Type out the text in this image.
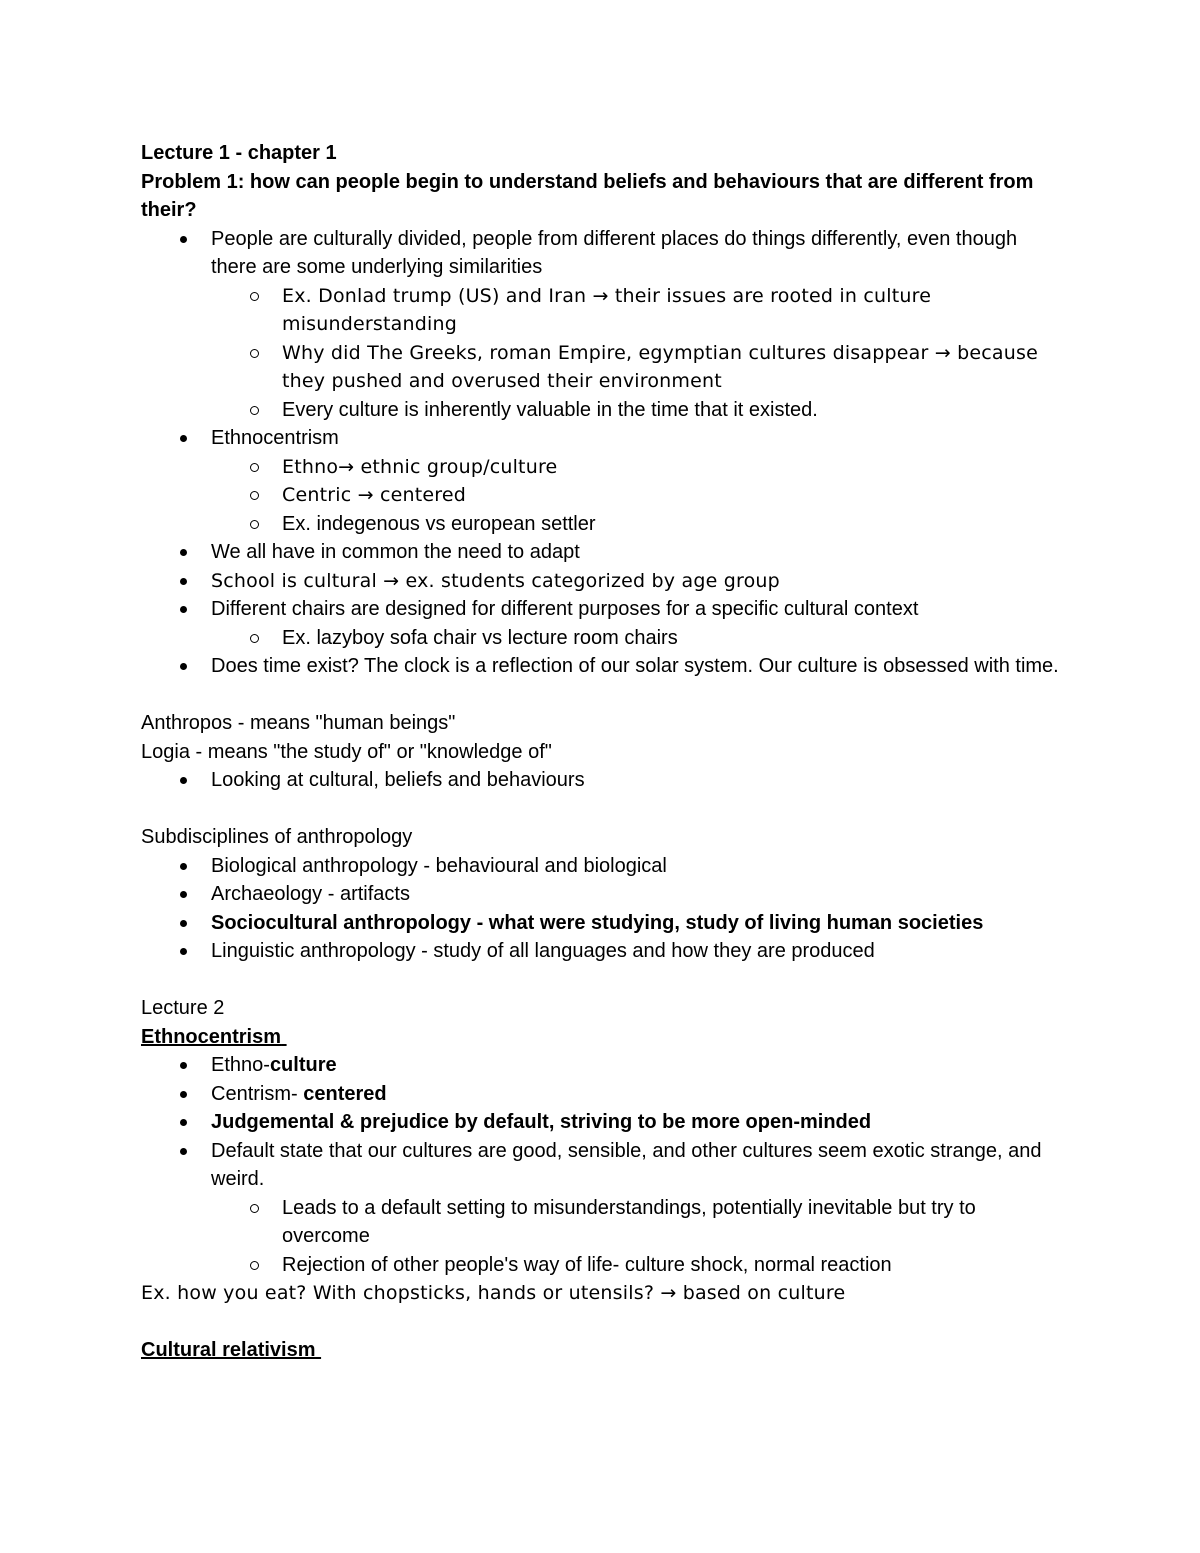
Lecture 1 - chapter 1

Problem 1: how can people begin to understand beliefs and behaviours that are different from their?

People are culturally divided, people from different places do things differently, even though there are some underlying similarities
Ex. Donlad trump (US) and Iran → their issues are rooted in culture misunderstanding
Why did The Greeks, roman Empire, egymptian cultures disappear → because they pushed and overused their environment
Every culture is inherently valuable in the time that it existed.
Ethnocentrism
Ethno→ ethnic group/culture
Centric → centered
Ex. indegenous vs european settler
We all have in common the need to adapt
School is cultural → ex. students categorized by age group
Different chairs are designed for different purposes for a specific cultural context
Ex. lazyboy sofa chair vs lecture room chairs
Does time exist? The clock is a reflection of our solar system. Our culture is obsessed with time.

Anthropos - means "human beings"

Logia - means "the study of" or "knowledge of"

Looking at cultural, beliefs and behaviours

Subdisciplines of anthropology

Biological anthropology - behavioural and biological
Archaeology - artifacts
Sociocultural anthropology - what were studying, study of living human societies
Linguistic anthropology - study of all languages and how they are produced

Lecture 2

Ethnocentrism

Ethno-culture
Centrism- centered
Judgemental & prejudice by default, striving to be more open-minded
Default state that our cultures are good, sensible, and other cultures seem exotic strange, and weird.
Leads to a default setting to misunderstandings, potentially inevitable but try to overcome
Rejection of other people's way of life- culture shock, normal reaction

Ex. how you eat? With chopsticks, hands or utensils? → based on culture

Cultural relativism
